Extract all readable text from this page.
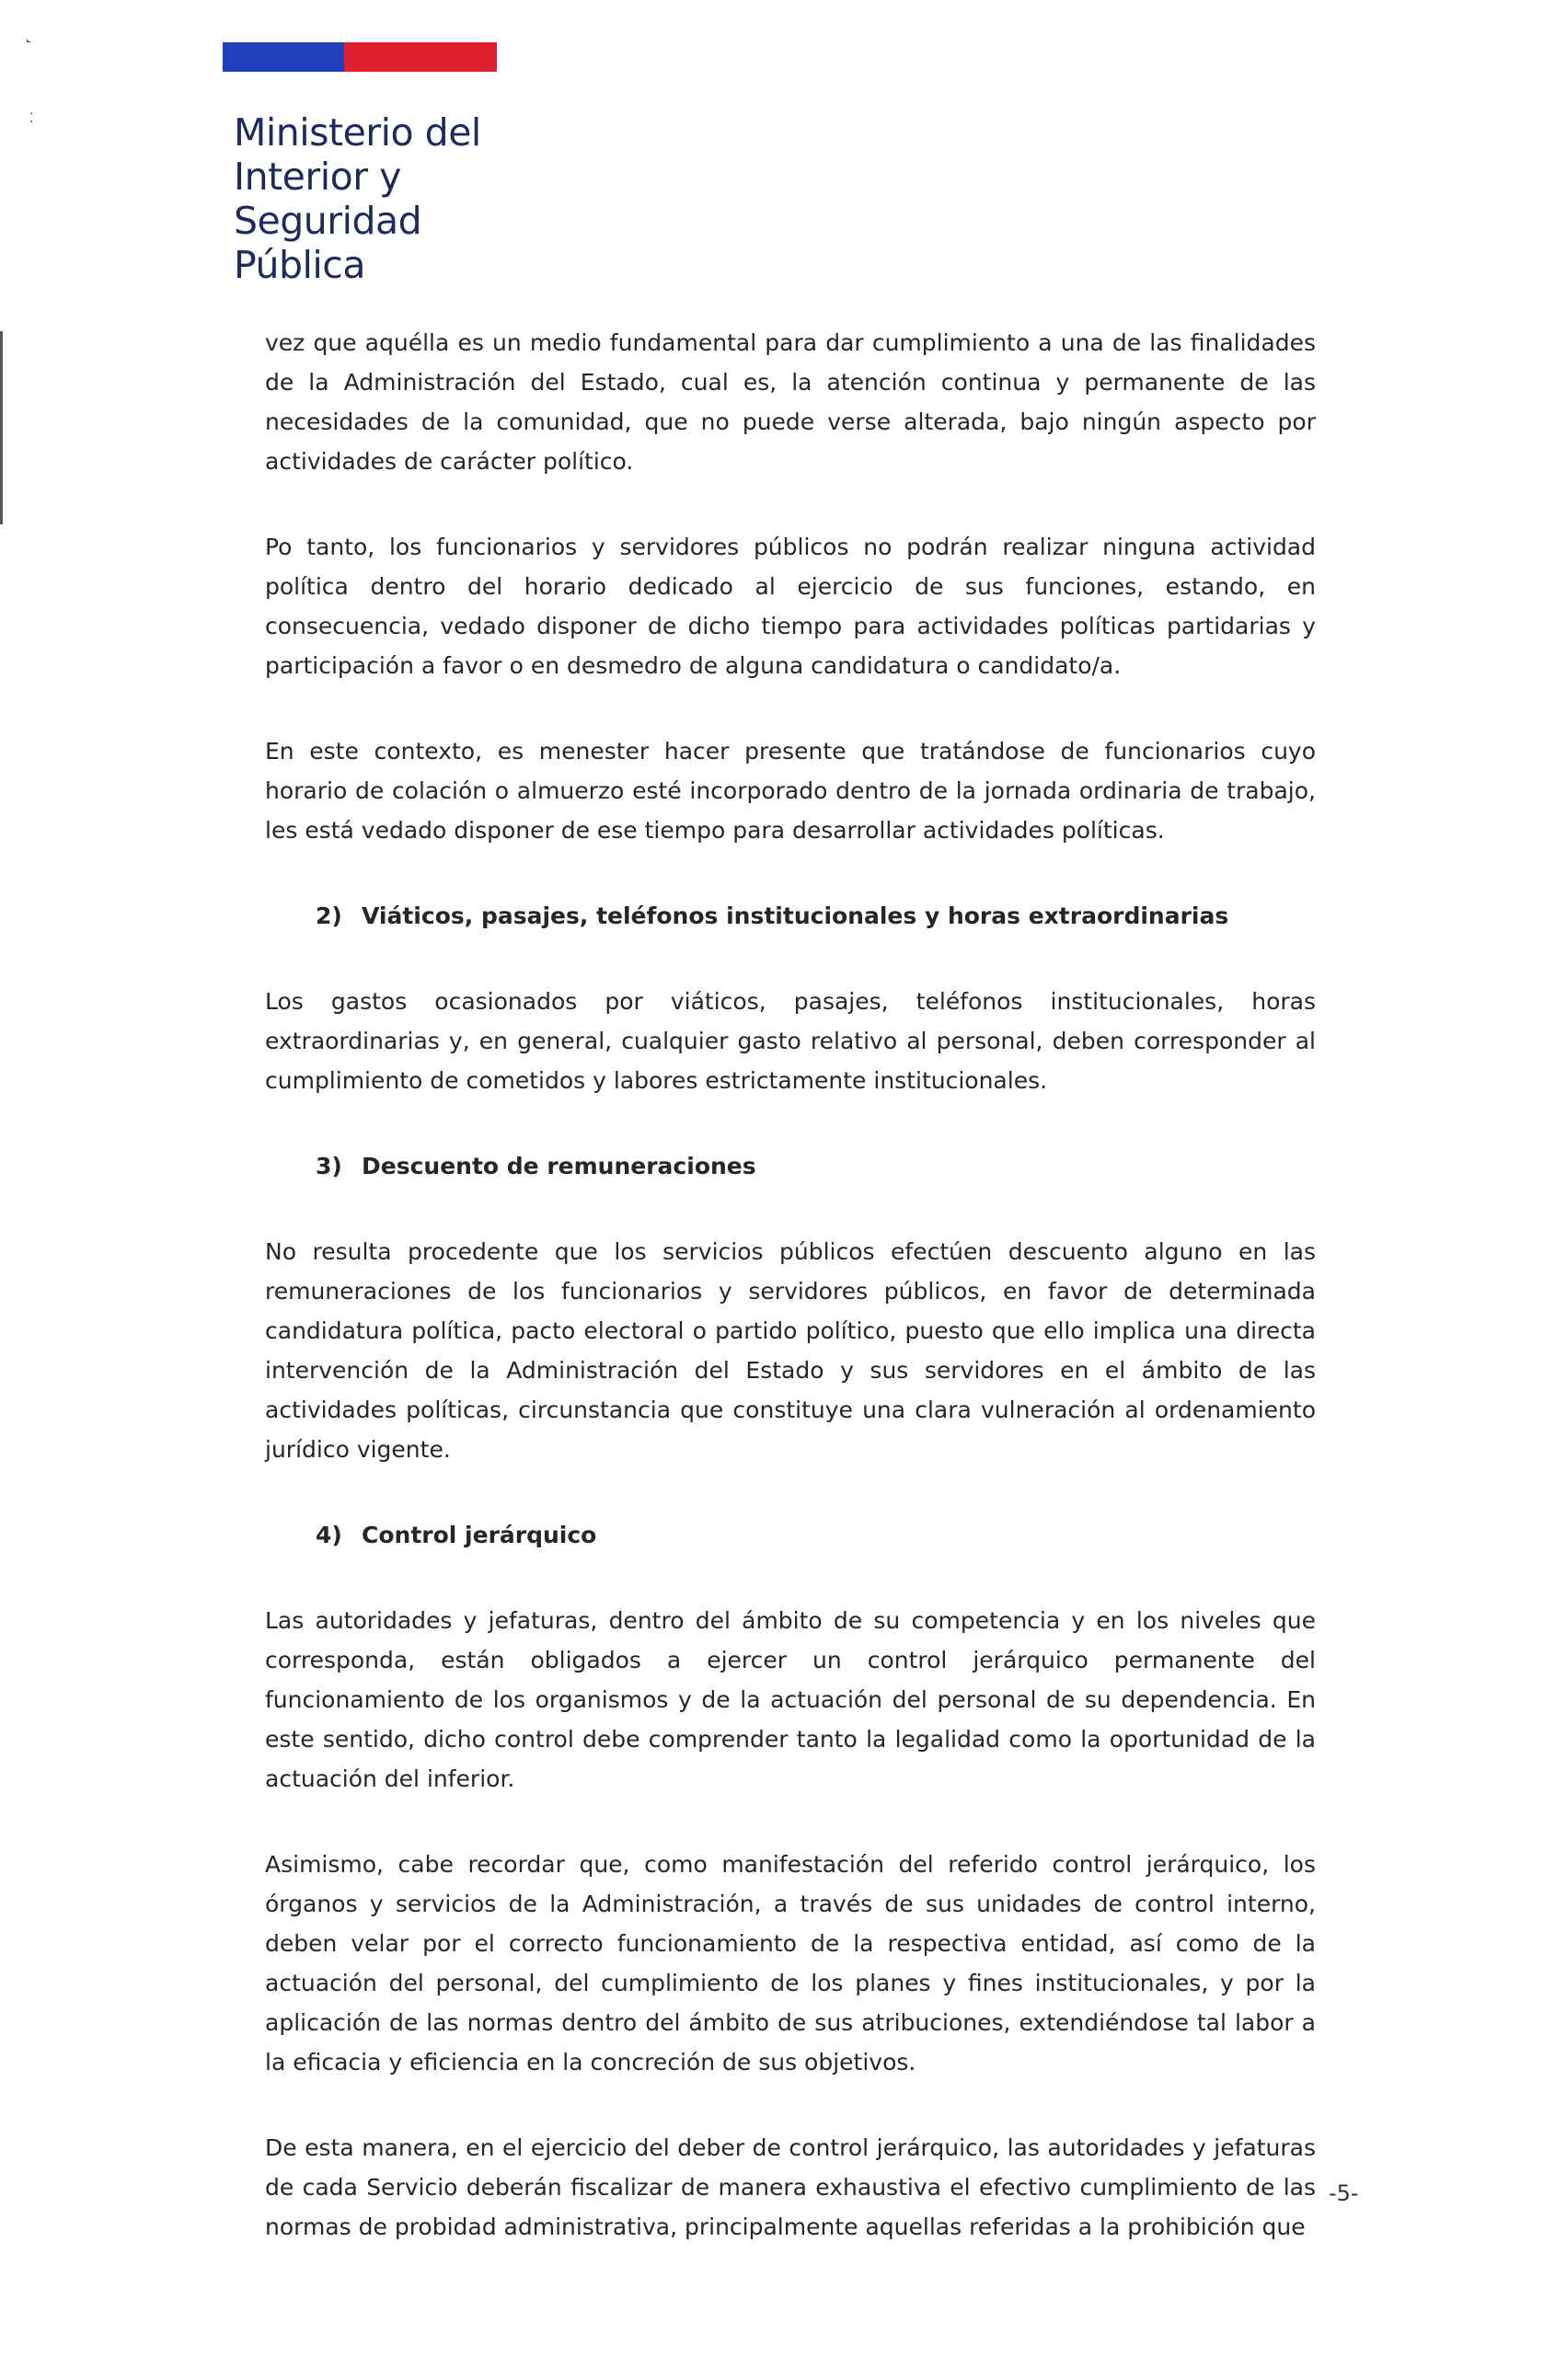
˻
⁚	Ministerio del
Interior y
Seguridad
Pública

vez que aquélla es un medio fundamental para dar cumplimiento a una de las finalidades de la Administración del Estado, cual es, la atención continua y permanente de las necesidades de la comunidad, que no puede verse alterada, bajo ningún aspecto por actividades de carácter político.

Po tanto, los funcionarios y servidores públicos no podrán realizar ninguna actividad política dentro del horario dedicado al ejercicio de sus funciones, estando, en consecuencia, vedado disponer de dicho tiempo para actividades políticas partidarias y participación a favor o en desmedro de alguna candidatura o candidato/a.

En este contexto, es menester hacer presente que tratándose de funcionarios cuyo horario de colación o almuerzo esté incorporado dentro de la jornada ordinaria de trabajo, les está vedado disponer de ese tiempo para desarrollar actividades políticas.

2) Viáticos, pasajes, teléfonos institucionales y horas extraordinarias

Los gastos ocasionados por viáticos, pasajes, teléfonos institucionales, horas extraordinarias y, en general, cualquier gasto relativo al personal, deben corresponder al cumplimiento de cometidos y labores estrictamente institucionales.

3) Descuento de remuneraciones

No resulta procedente que los servicios públicos efectúen descuento alguno en las remuneraciones de los funcionarios y servidores públicos, en favor de determinada candidatura política, pacto electoral o partido político, puesto que ello implica una directa intervención de la Administración del Estado y sus servidores en el ámbito de las actividades políticas, circunstancia que constituye una clara vulneración al ordenamiento jurídico vigente.

4) Control jerárquico

Las autoridades y jefaturas, dentro del ámbito de su competencia y en los niveles que corresponda, están obligados a ejercer un control jerárquico permanente del funcionamiento de los organismos y de la actuación del personal de su dependencia. En este sentido, dicho control debe comprender tanto la legalidad como la oportunidad de la actuación del inferior.

Asimismo, cabe recordar que, como manifestación del referido control jerárquico, los órganos y servicios de la Administración, a través de sus unidades de control interno, deben velar por el correcto funcionamiento de la respectiva entidad, así como de la actuación del personal, del cumplimiento de los planes y fines institucionales, y por la aplicación de las normas dentro del ámbito de sus atribuciones, extendiéndose tal labor a la eficacia y eficiencia en la concreción de sus objetivos.

De esta manera, en el ejercicio del deber de control jerárquico, las autoridades y jefaturas de cada Servicio deberán fiscalizar de manera exhaustiva el efectivo cumplimiento de las normas de probidad administrativa, principalmente aquellas referidas a la prohibición que

-5-
